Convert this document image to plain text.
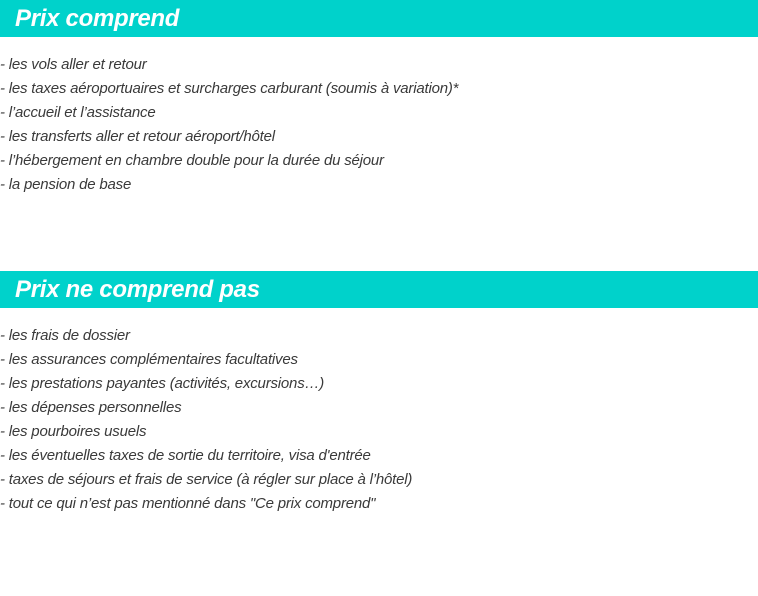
Prix comprend
- les vols aller et retour
- les taxes aéroportuaires et surcharges carburant (soumis à variation)*
- l’accueil et l’assistance
- les transferts aller et retour aéroport/hôtel
- l’hébergement en chambre double pour la durée du séjour
- la pension de base
Prix ne comprend pas
- les frais de dossier
- les assurances complémentaires facultatives
- les prestations payantes (activités, excursions…)
- les dépenses personnelles
- les pourboires usuels
- les éventuelles taxes de sortie du territoire, visa d'entrée
- taxes de séjours et frais de service (à régler sur place à l’hôtel)
- tout ce qui n’est pas mentionné dans "Ce prix comprend"
